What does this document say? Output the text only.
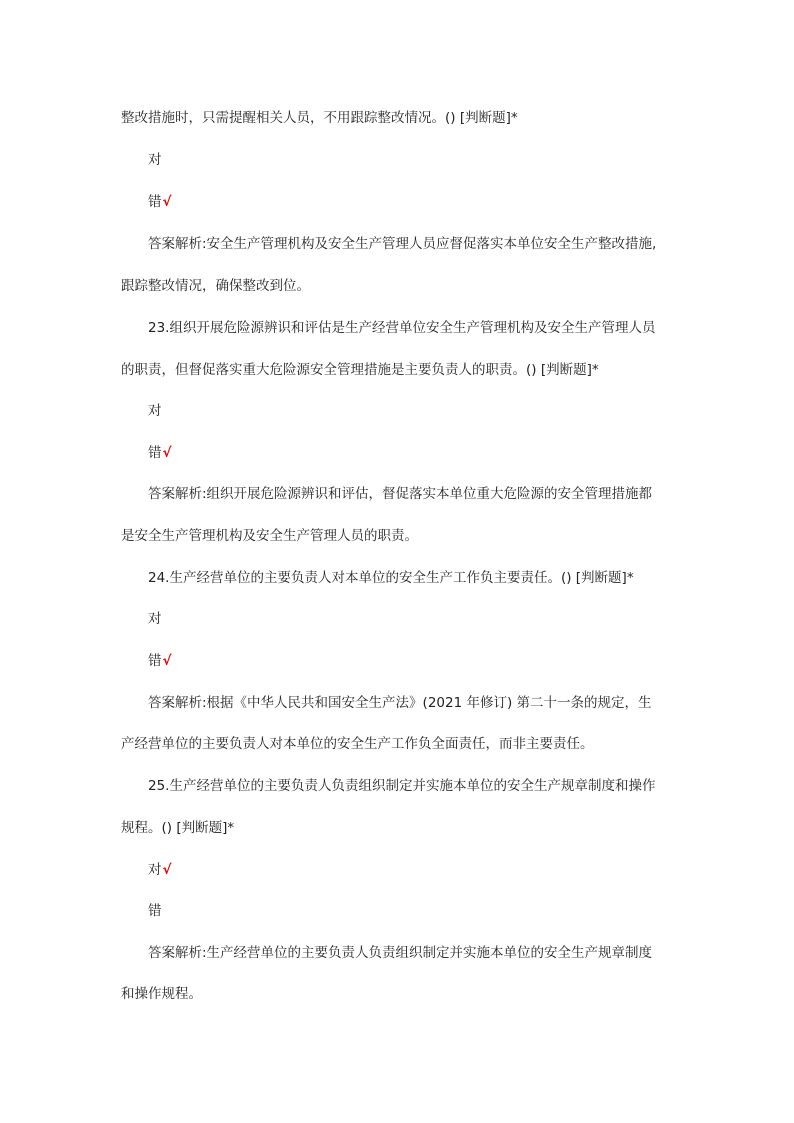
整改措施时，只需提醒相关人员，不用跟踪整改情况。() [判断题]*
对
错√
答案解析:安全生产管理机构及安全生产管理人员应督促落实本单位安全生产整改措施,
跟踪整改情况，确保整改到位。
23.组织开展危险源辨识和评估是生产经营单位安全生产管理机构及安全生产管理人员
的职责，但督促落实重大危险源安全管理措施是主要负责人的职责。() [判断题]*
对
错√
答案解析:组织开展危险源辨识和评估，督促落实本单位重大危险源的安全管理措施都
是安全生产管理机构及安全生产管理人员的职责。
24.生产经营单位的主要负责人对本单位的安全生产工作负主要责任。() [判断题]*
对
错√
答案解析:根据《中华人民共和国安全生产法》(2021 年修订) 第二十一条的规定，生
产经营单位的主要负责人对本单位的安全生产工作负全面责任，而非主要责任。
25.生产经营单位的主要负责人负责组织制定并实施本单位的安全生产规章制度和操作
规程。() [判断题]*
对√
错
答案解析:生产经营单位的主要负责人负责组织制定并实施本单位的安全生产规章制度
和操作规程。
